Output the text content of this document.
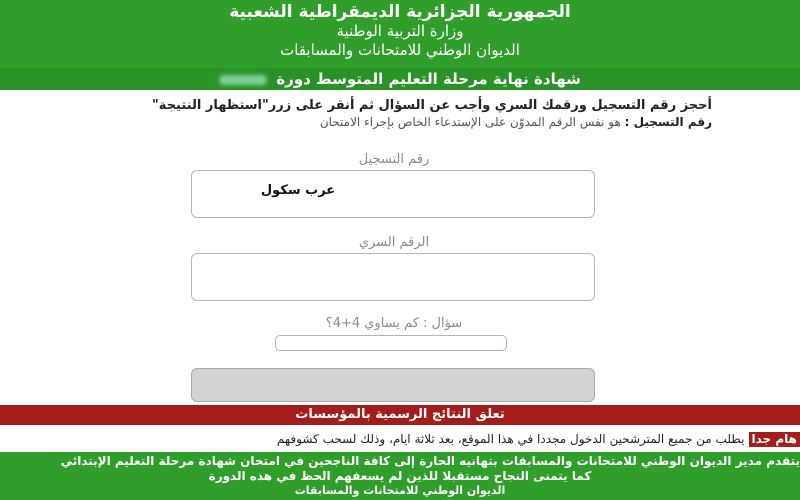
الجمهورية الجزائرية الديمقراطية الشعبية
وزارة التربية الوطنية
الديوان الوطني للامتحانات والمسابقات
شهادة نهاية مرحلة التعليم المتوسط دورة
أحجز رقم التسجيل ورقمك السري وأجب عن السؤال ثم أنقر على زرر"استظهار النتيجة"
رقم التسجيل : هو نفس الرقم المدوّن على الإستدعاء الخاص بإجراء الامتحان
رقم التسجيل
عرب سكول
الرقم السري
سؤال : كم يساوي 4+4؟
تعلق النتائج الرسمية بالمؤسسات
هام جدايطلب من جميع المترشحين الدخول مجددا في هذا الموقع، بعد ثلاثة ايام، وذلك لسحب كشوفهم
يتقدم مدير الديوان الوطني للامتحانات والمسابقات بتهانيه الحارة إلى كافة الناجحين في امتحان شهادة مرحلة التعليم الإبتدائي
كما يتمنى النجاح مستقبلا للذين لم يسعفهم الحظ في هذه الدورة
الديوان الوطني للامتحانات والمسابقات
